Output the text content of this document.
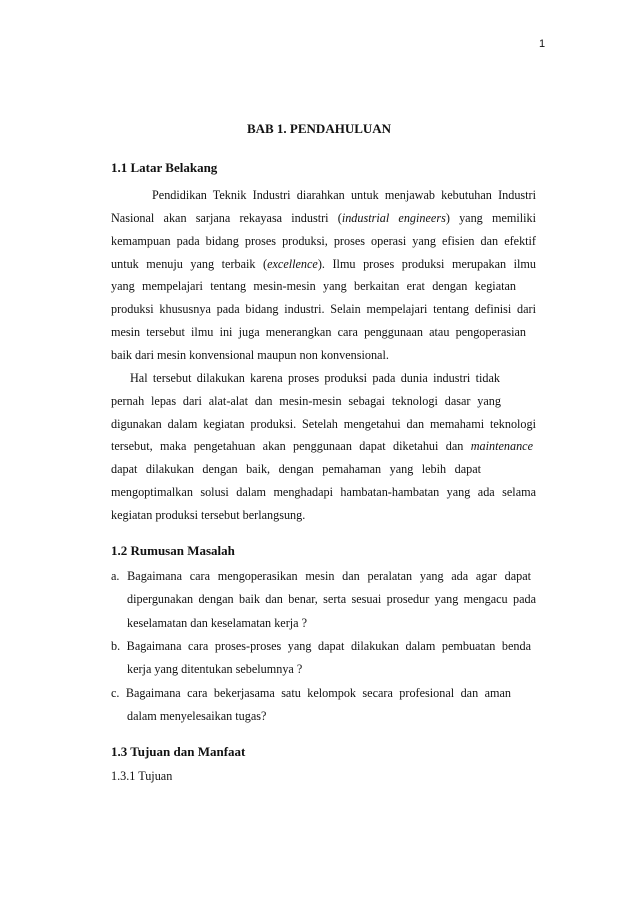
1
BAB 1. PENDAHULUAN
1.1 Latar Belakang
Pendidikan Teknik Industri diarahkan untuk menjawab kebutuhan Industri
Nasional akan sarjana rekayasa industri (industrial engineers) yang memiliki
kemampuan pada bidang proses produksi, proses operasi yang efisien dan efektif
untuk menuju yang terbaik (excellence). Ilmu proses produksi merupakan ilmu
yang mempelajari tentang mesin-mesin yang berkaitan erat dengan kegiatan
produksi khususnya pada bidang industri. Selain mempelajari tentang definisi dari
mesin tersebut ilmu ini juga menerangkan cara penggunaan atau pengoperasian
baik dari mesin konvensional maupun non konvensional.
Hal tersebut dilakukan karena proses produksi pada dunia industri tidak
pernah lepas dari alat-alat dan mesin-mesin sebagai teknologi dasar yang
digunakan dalam kegiatan produksi. Setelah mengetahui dan memahami teknologi
tersebut, maka pengetahuan akan penggunaan dapat diketahui dan maintenance
dapat dilakukan dengan baik, dengan pemahaman yang lebih dapat
mengoptimalkan solusi dalam menghadapi hambatan-hambatan yang ada selama
kegiatan produksi tersebut berlangsung.
1.2 Rumusan Masalah
a. Bagaimana cara mengoperasikan mesin dan peralatan yang ada agar dapat
dipergunakan dengan baik dan benar, serta sesuai prosedur yang mengacu pada
keselamatan dan keselamatan kerja ?
b. Bagaimana cara proses-proses yang dapat dilakukan dalam pembuatan benda
kerja yang ditentukan sebelumnya ?
c. Bagaimana cara bekerjasama satu kelompok secara profesional dan aman
dalam menyelesaikan tugas?
1.3 Tujuan dan Manfaat
1.3.1 Tujuan
